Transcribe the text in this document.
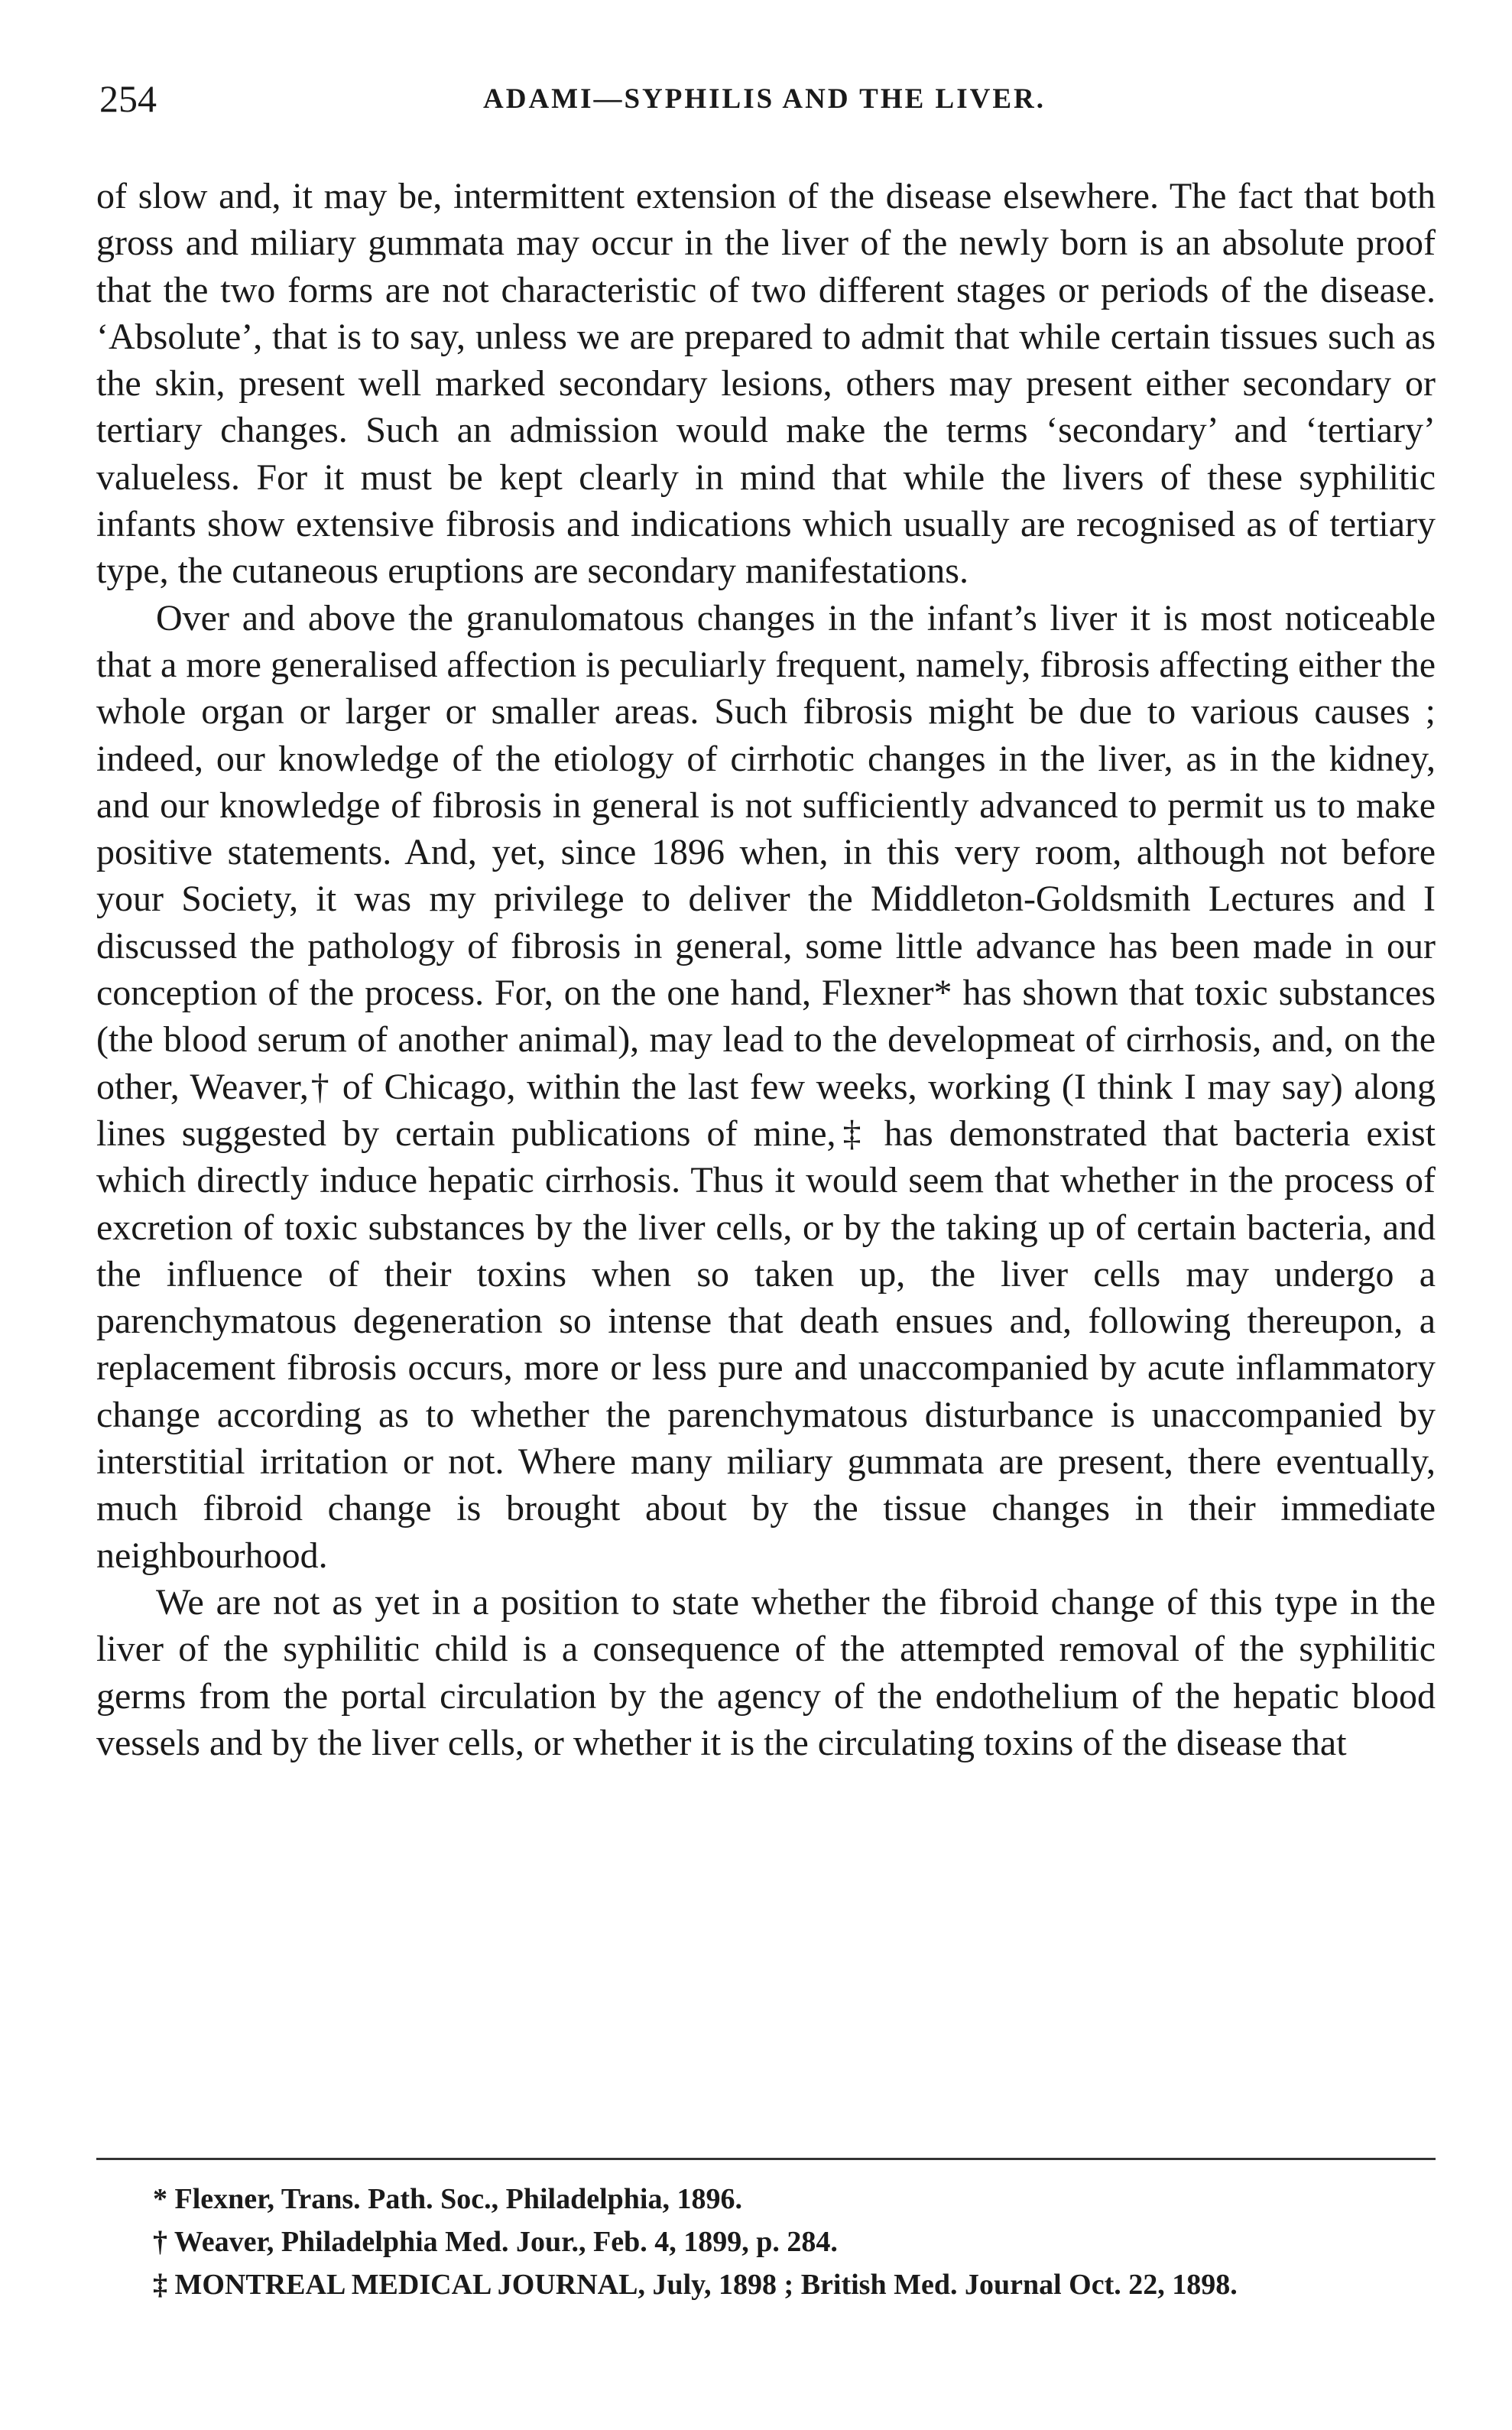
254	ADAMI—SYPHILIS AND THE LIVER.

of slow and, it may be, intermittent extension of the disease elsewhere. The fact that both gross and miliary gummata may occur in the liver of the newly born is an absolute proof that the two forms are not characteristic of two different stages or periods of the disease. ‘Absolute’, that is to say, unless we are prepared to admit that while certain tissues such as the skin, present well marked secondary lesions, others may present either secondary or tertiary changes. Such an admission would make the terms ‘secondary’ and ‘tertiary’ valueless. For it must be kept clearly in mind that while the livers of these syphilitic infants show extensive fibrosis and indications which usually are recognised as of tertiary type, the cutaneous eruptions are secondary manifestations.

Over and above the granulomatous changes in the infant’s liver it is most noticeable that a more generalised affection is peculiarly frequent, namely, fibrosis affecting either the whole organ or larger or smaller areas. Such fibrosis might be due to various causes ; indeed, our knowledge of the etiology of cirrhotic changes in the liver, as in the kidney, and our knowledge of fibrosis in general is not sufficiently advanced to permit us to make positive statements. And, yet, since 1896 when, in this very room, although not before your Society, it was my privilege to deliver the Middleton-Goldsmith Lectures and I discussed the pathology of fibrosis in general, some little advance has been made in our conception of the process. For, on the one hand, Flexner* has shown that toxic substances (the blood serum of another animal), may lead to the developmeat of cirrhosis, and, on the other, Weaver,† of Chicago, within the last few weeks, working (I think I may say) along lines suggested by certain publications of mine,‡ has demonstrated that bacteria exist which directly induce hepatic cirrhosis. Thus it would seem that whether in the process of excretion of toxic substances by the liver cells, or by the taking up of certain bacteria, and the influence of their toxins when so taken up, the liver cells may undergo a parenchymatous degeneration so intense that death ensues and, following thereupon, a replacement fibrosis occurs, more or less pure and unaccompanied by acute inflammatory change according as to whether the parenchymatous disturbance is unaccompanied by interstitial irritation or not. Where many miliary gummata are present, there eventually, much fibroid change is brought about by the tissue changes in their immediate neighbourhood.

We are not as yet in a position to state whether the fibroid change of this type in the liver of the syphilitic child is a consequence of the attempted removal of the syphilitic germs from the portal circulation by the agency of the endothelium of the hepatic blood vessels and by the liver cells, or whether it is the circulating toxins of the disease that

* Flexner, Trans. Path. Soc., Philadelphia, 1896.

† Weaver, Philadelphia Med. Jour., Feb. 4, 1899, p. 284.

‡ MONTREAL MEDICAL JOURNAL, July, 1898 ; British Med. Journal Oct. 22, 1898.
